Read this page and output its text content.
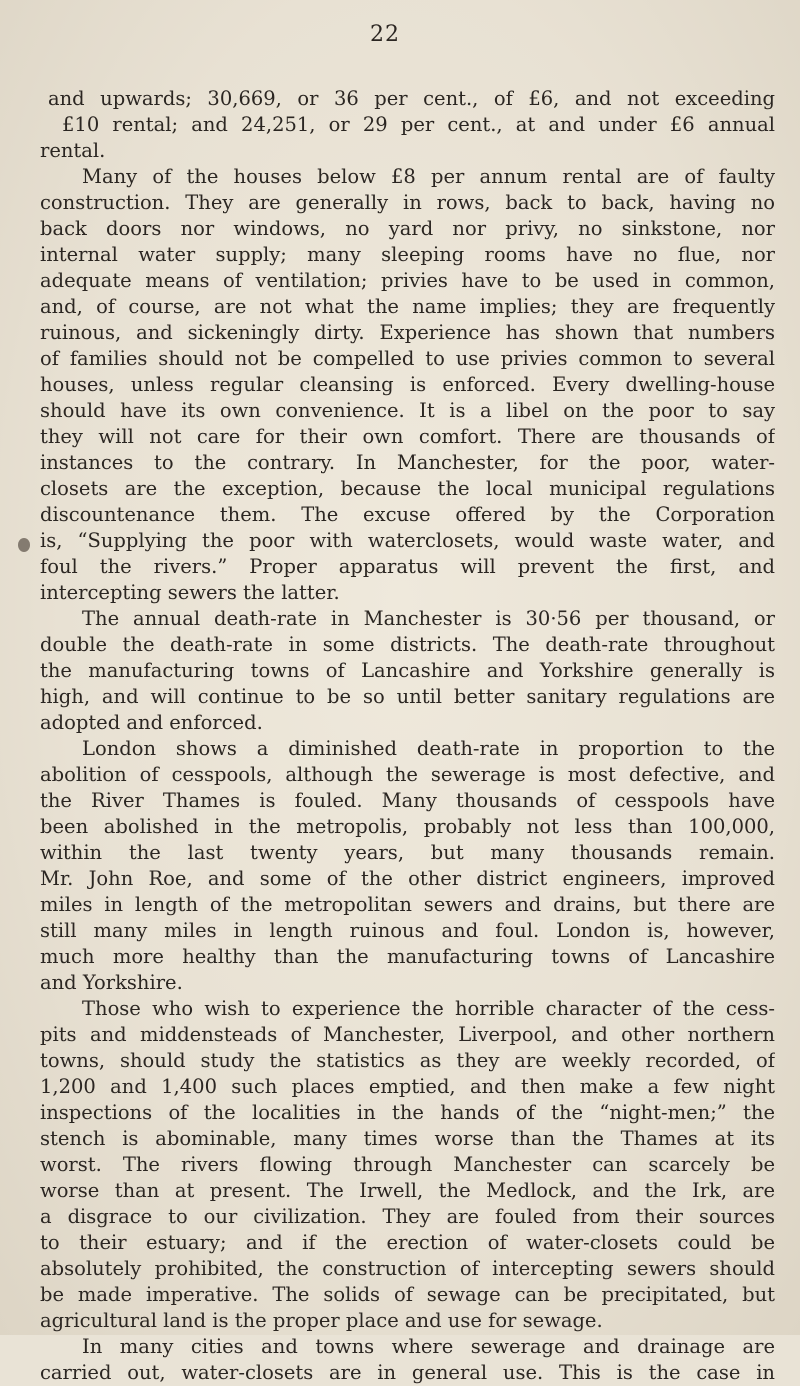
22
and upwards; 30,669, or 36 per cent., of £6, and not exceeding
£10 rental; and 24,251, or 29 per cent., at and under £6 annual
rental.
Many of the houses below £8 per annum rental are of faulty
construction. They are generally in rows, back to back, having no
back doors nor windows, no yard nor privy, no sinkstone, nor
internal water supply; many sleeping rooms have no flue, nor
adequate means of ventilation; privies have to be used in common,
and, of course, are not what the name implies; they are frequently
ruinous, and sickeningly dirty. Experience has shown that numbers
of families should not be compelled to use privies common to several
houses, unless regular cleansing is enforced. Every dwelling-house
should have its own convenience. It is a libel on the poor to say
they will not care for their own comfort. There are thousands of
instances to the contrary. In Manchester, for the poor, water-
closets are the exception, because the local municipal regulations
discountenance them. The excuse offered by the Corporation
is, “Supplying the poor with waterclosets, would waste water, and
foul the rivers.” Proper apparatus will prevent the first, and
intercepting sewers the latter.
The annual death-rate in Manchester is 30·56 per thousand, or
double the death-rate in some districts. The death-rate throughout
the manufacturing towns of Lancashire and Yorkshire generally is
high, and will continue to be so until better sanitary regulations are
adopted and enforced.
London shows a diminished death-rate in proportion to the
abolition of cesspools, although the sewerage is most defective, and
the River Thames is fouled. Many thousands of cesspools have
been abolished in the metropolis, probably not less than 100,000,
within the last twenty years, but many thousands remain.
Mr. John Roe, and some of the other district engineers, improved
miles in length of the metropolitan sewers and drains, but there are
still many miles in length ruinous and foul. London is, however,
much more healthy than the manufacturing towns of Lancashire
and Yorkshire.
Those who wish to experience the horrible character of the cess-
pits and middensteads of Manchester, Liverpool, and other northern
towns, should study the statistics as they are weekly recorded, of
1,200 and 1,400 such places emptied, and then make a few night
inspections of the localities in the hands of the “night-men;” the
stench is abominable, many times worse than the Thames at its
worst. The rivers flowing through Manchester can scarcely be
worse than at present. The Irwell, the Medlock, and the Irk, are
a disgrace to our civilization. They are fouled from their sources
to their estuary; and if the erection of water-closets could be
absolutely prohibited, the construction of intercepting sewers should
be made imperative. The solids of sewage can be precipitated, but
agricultural land is the proper place and use for sewage.
In many cities and towns where sewerage and drainage are
carried out, water-closets are in general use. This is the case in
